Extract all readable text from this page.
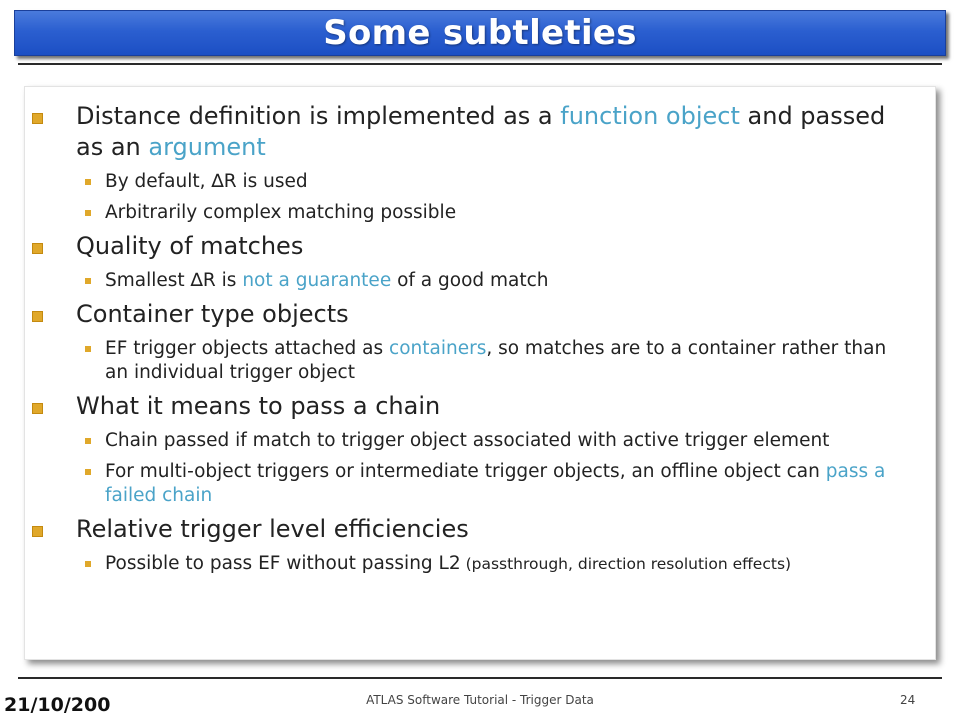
Some subtleties
Distance definition is implemented as a function object and passed as an argument
By default, ∆R is used
Arbitrarily complex matching possible
Quality of matches
Smallest ∆R is not a guarantee of a good match
Container type objects
EF trigger objects attached as containers, so matches are to a container rather than an individual trigger object
What it means to pass a chain
Chain passed if match to trigger object associated with active trigger element
For multi-object triggers or intermediate trigger objects, an offline object can pass a failed chain
Relative trigger level efficiencies
Possible to pass EF without passing L2 (passthrough, direction resolution effects)
21/10/200	ATLAS Software Tutorial - Trigger Data	24
